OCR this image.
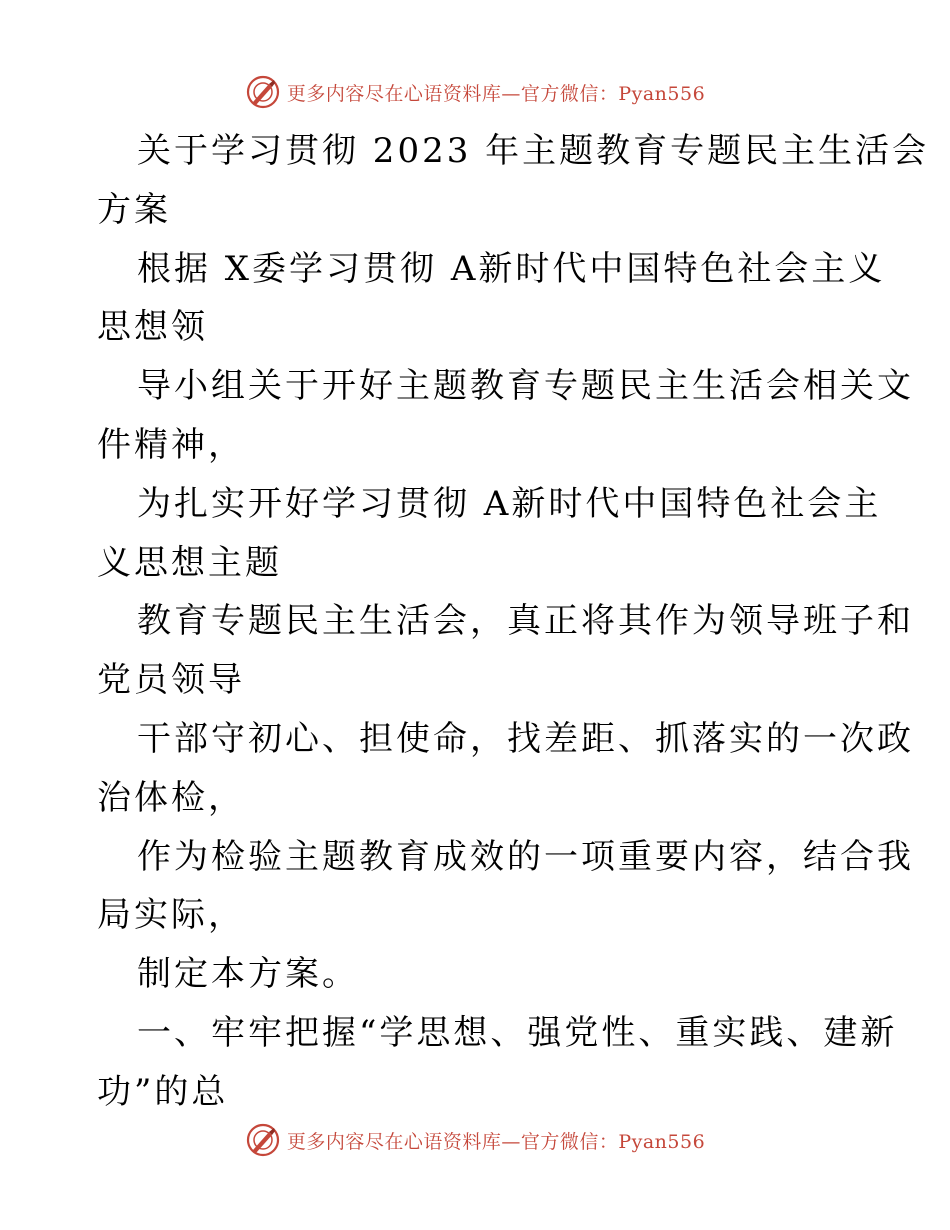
更多内容尽在心语资料库—官方微信：Pyan556
关于学习贯彻 2023 年主题教育专题民主生活会
方案
根据 X委学习贯彻 A新时代中国特色社会主义
思想领
导小组关于开好主题教育专题民主生活会相关文
件精神，
为扎实开好学习贯彻 A新时代中国特色社会主
义思想主题
教育专题民主生活会，真正将其作为领导班子和
党员领导
干部守初心、担使命，找差距、抓落实的一次政
治体检，
作为检验主题教育成效的一项重要内容，结合我
局实际，
制定本方案。
一、牢牢把握“学思想、强党性、重实践、建新
功”的总
更多内容尽在心语资料库—官方微信：Pyan556
